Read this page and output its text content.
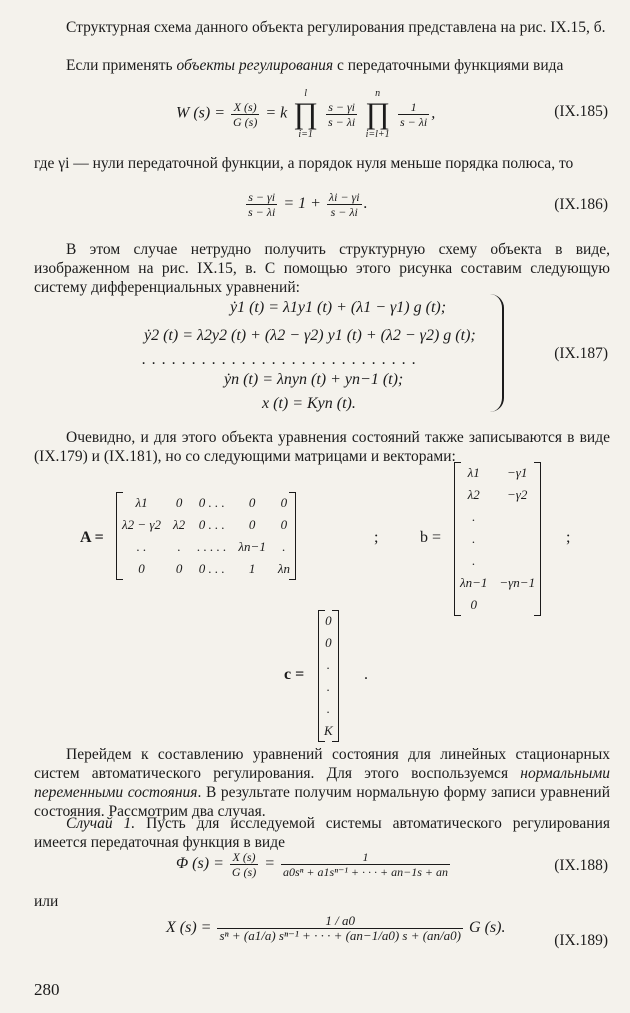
Структурная схема данного объекта регулирования представлена на рис. IX.15, б.
Если применять объекты регулирования с передаточными функциями вида
W $(s) = \frac{X (s)}{G (s)} = k$ l
∏
i=1
$\frac{s - \gamma i}{s - \lambda i}$
n
∏
i=l+1
$\frac{1}{s - \lambda i}$ ,	(IX.185)
где γi — нули передаточной функции, а порядок нуля меньше порядка полюса, то
$\frac{s - \gamma i}{s - \lambda i} = 1 + \frac{\lambda i - \gamma i}{s - \lambda i}$ .	(IX.186)
В этом случае нетрудно получить структурную схему объекта в виде, изображенном на рис. IX.15, в. С помощью этого рисунка составим следующую систему дифференциальных уравнений:
ẏ1 (t) = λ1y1 (t) + (λ1 − γ1) g (t);
ẏ2 (t) = λ2y2 (t) + (λ2 − γ2) y1 (t) + (λ2 − γ2) g (t);
. . . . . . . . . . . . . . . . . . . . . . . . . . . .
ẏn (t) = λnyn (t) + yn−1 (t);
x (t) = Kyn (t).
(IX.187)
Очевидно, и для этого объекта уравнения состояний также записываются в виде (IX.179) и (IX.181), но со следующими матрицами и векторами:
A =
λ1	0	0 . . .	0	0
λ2 − γ2	λ2	0 . . .	0	0
. .	.	. . . . .	λn−1	.
0	0	0 . . .	1	λn
;	b =
λ1	−γ1
λ2	−γ2
.	
.	
.	
λn−1	−γn−1
0	
;
c =
0
0
.
.
.
K
.
Перейдем к составлению уравнений состояния для линейных стационарных систем автоматического регулирования. Для этого воспользуемся нормальными переменными состояния. В результате получим нормальную форму записи уравнений состояния. Рассмотрим два случая.
Случай 1. Пусть для исследуемой системы автоматического регулирования имеется передаточная функция в виде
Φ $(s) = \frac{X (s)}{G (s)} = \frac{1}{\text{a0sⁿ + a1sⁿ⁻¹ + · · · + an−1s + an}}$	(IX.188)
или
X $(s) = \frac{1 / a0}{\text{sⁿ + (a1/a) sⁿ⁻¹ + · · · + (an−1/a0) s + (an/a0)}}$ G (s).
(IX.189)
280
